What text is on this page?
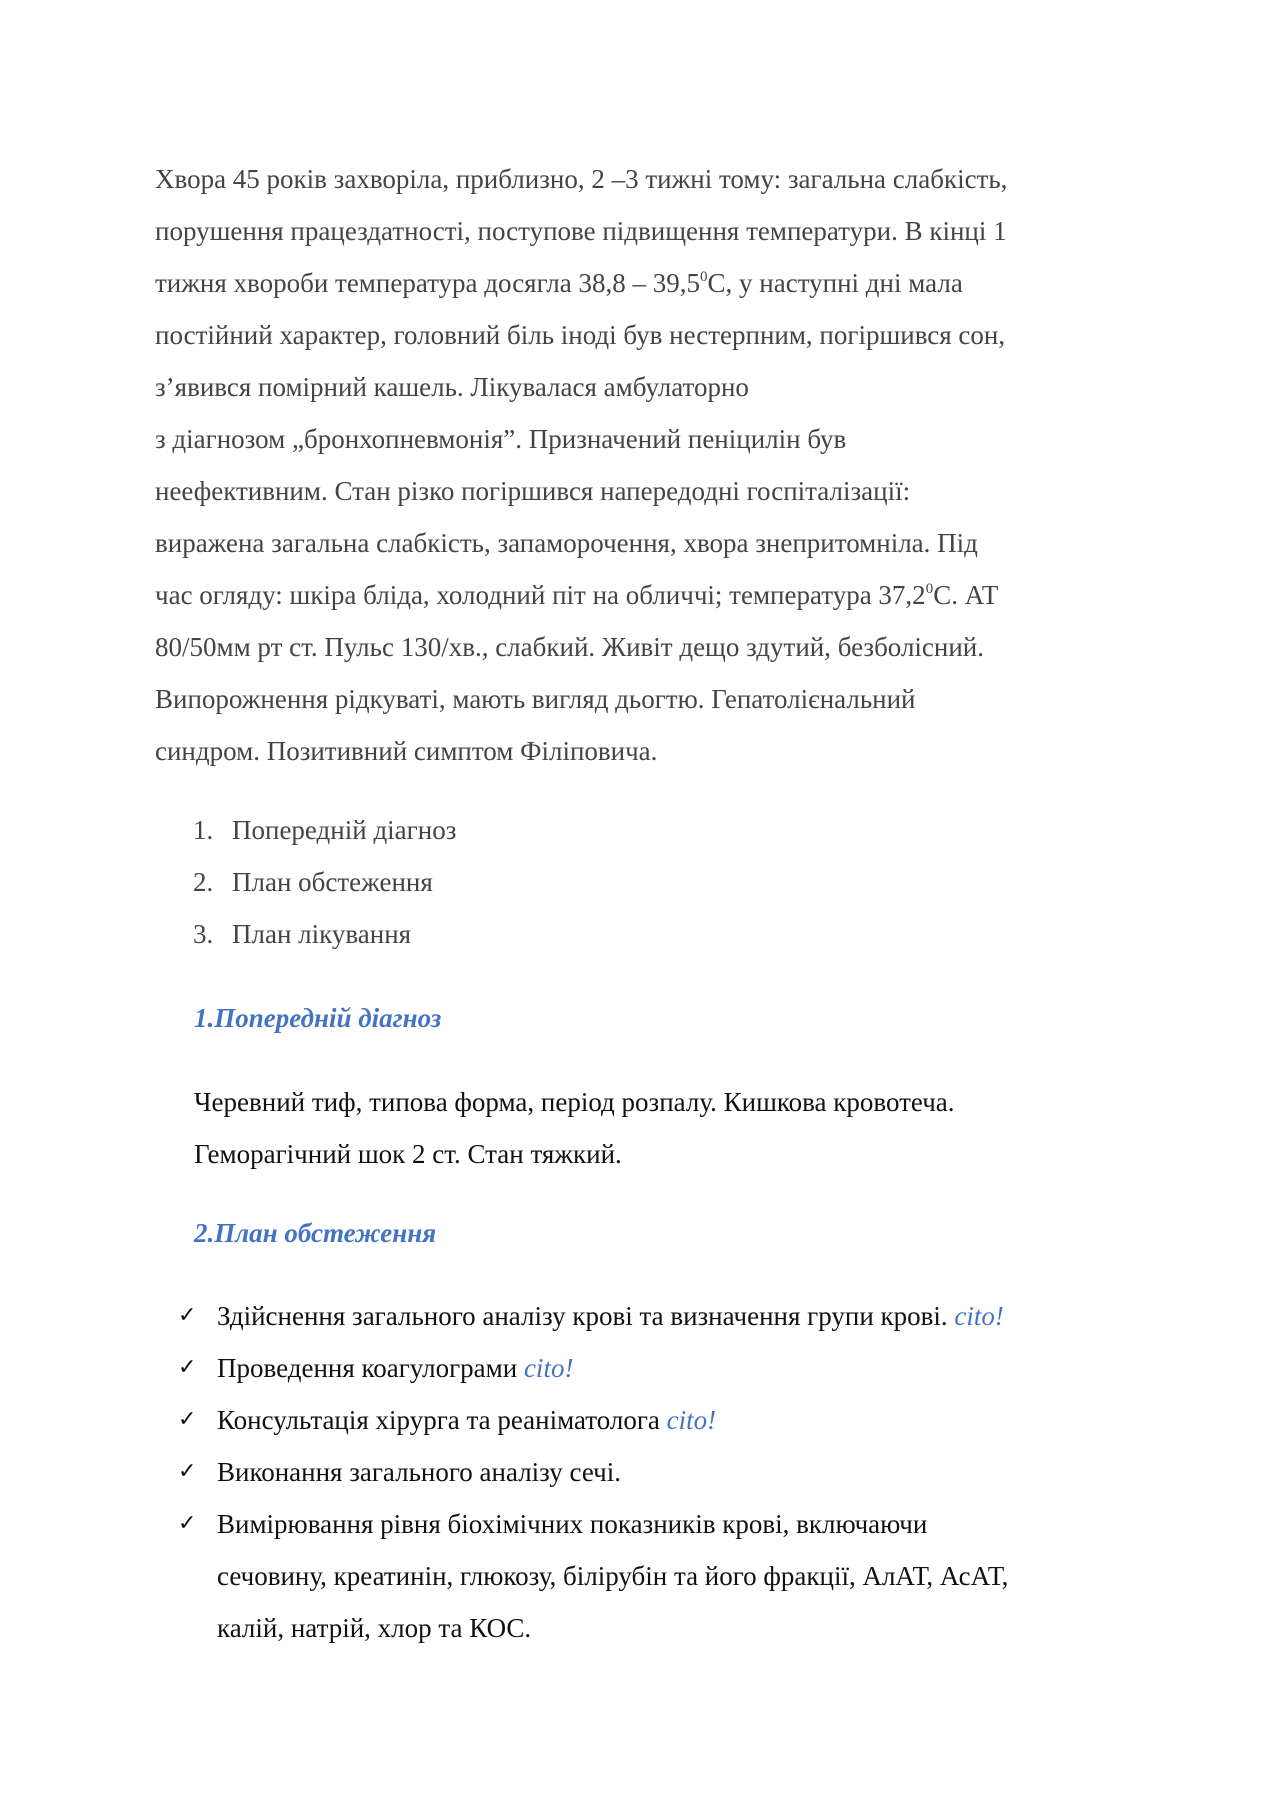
Хвора 45 років захворіла, приблизно, 2 –3 тижні тому: загальна слабкість,
порушення працездатності, поступове підвищення температури. В кінці 1
тижня хвороби температура досягла 38,8 – 39,5$^0$С, у наступні дні мала
постійний характер, головний біль іноді був нестерпним, погіршився сон,
з’явився помірний кашель. Лікувалася амбулаторно
з діагнозом „бронхопневмонія”. Призначений пеніцилін був
неефективним. Стан різко погіршився напередодні госпіталізації:
виражена загальна слабкість, запаморочення, хвора знепритомніла. Під
час огляду: шкіра бліда, холодний піт на обличчі; температура 37,2$^0$С. АТ
80/50мм рт ст. Пульс 130/хв., слабкий. Живіт дещо здутий, безболісний.
Випорожнення рідкуваті, мають вигляд дьогтю. Гепатолієнальний
синдром. Позитивний симптом Філіповича.

1. Попередній діагноз
2. План обстеження
3. План лікування
1.Попередній діагноз

Черевний тиф, типова форма, період розпалу. Кишкова кровотеча.
Гемoрагічний шок 2 ст. Стан тяжкий.

2.План обстеження
✓ Здійснення загального аналізу крові та визначення групи крові. cito!
✓ Проведення коагулограми cito!
✓ Консультація хірурга та реаніматолога cito!
✓ Виконання загального аналізу сечі.
✓ Вимірювання рівня біохімічних показників крові, включаючи
сечовину, креатинін, глюкозу, білірубін та його фракції, АлАТ, АсАТ,
калій, натрій, хлор та КОС.
